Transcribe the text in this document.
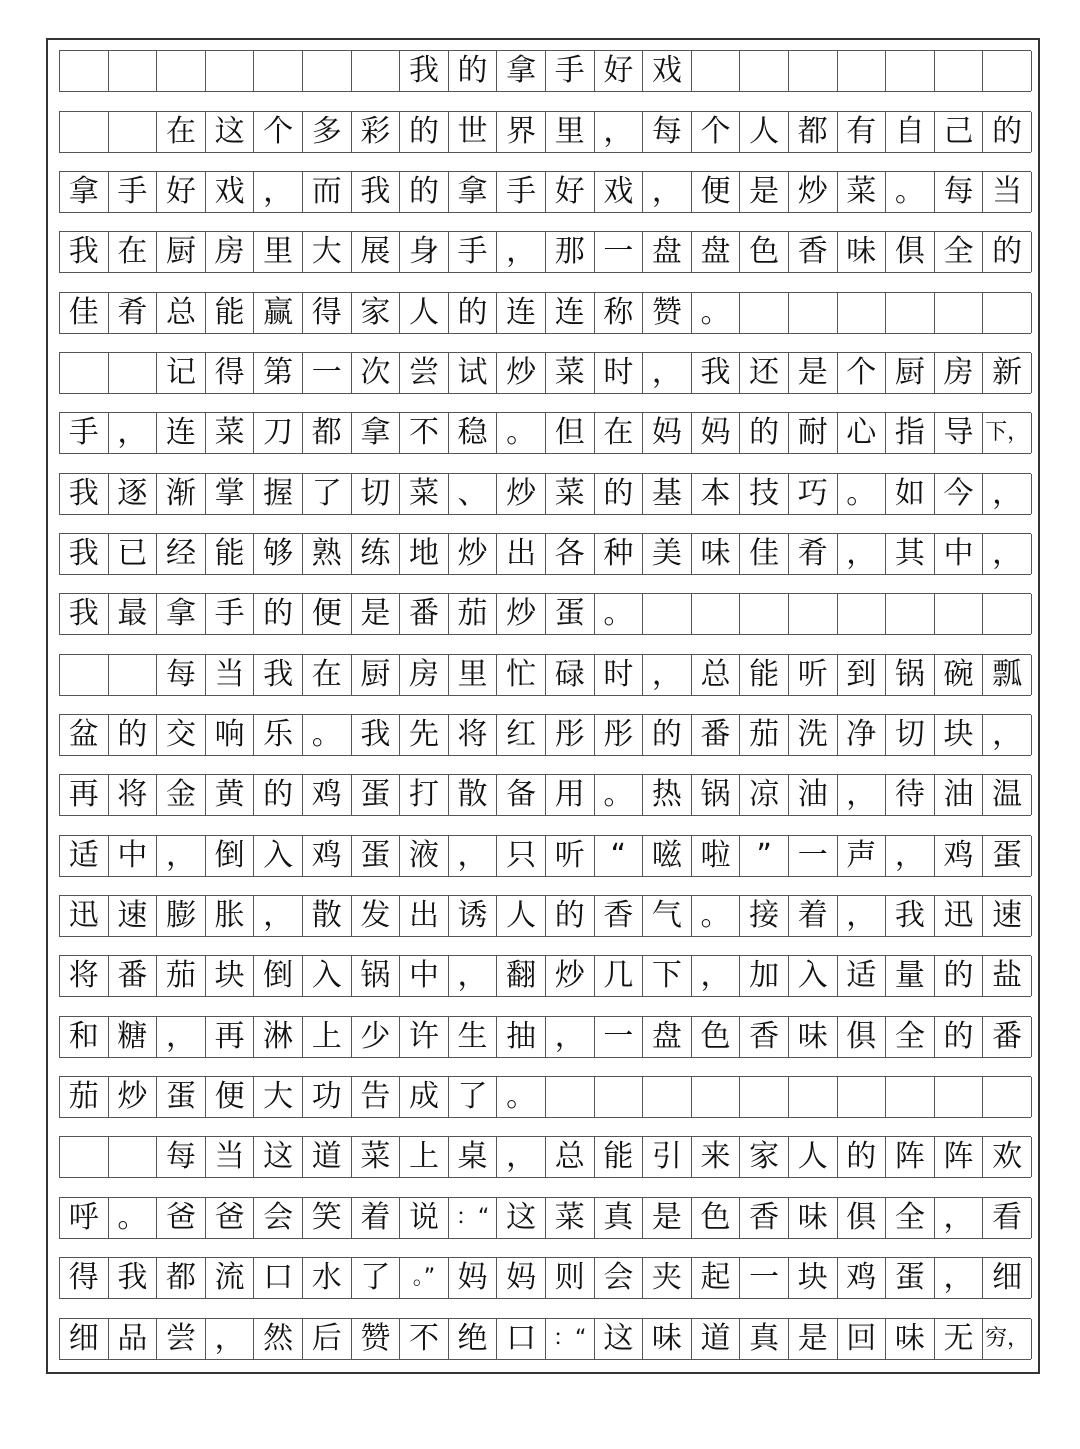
我 的 拿 手 好 戏
在 这 个 多 彩 的 世 界 里 ， 每 个 人 都 有 自 己 的
拿 手 好 戏 ， 而 我 的 拿 手 好 戏 ， 便 是 炒 菜 。 每 当
我 在 厨 房 里 大 展 身 手 ， 那 一 盘 盘 色 香 味 俱 全 的
佳 肴 总 能 赢 得 家 人 的 连 连 称 赞 。
记 得 第 一 次 尝 试 炒 菜 时 ， 我 还 是 个 厨 房 新
手 ， 连 菜 刀 都 拿 不 稳 。 但 在 妈 妈 的 耐 心 指 导 下，
我 逐 渐 掌 握 了 切 菜 、 炒 菜 的 基 本 技 巧 。 如 今 ，
我 已 经 能 够 熟 练 地 炒 出 各 种 美 味 佳 肴 ， 其 中 ，
我 最 拿 手 的 便 是 番 茄 炒 蛋 。
每 当 我 在 厨 房 里 忙 碌 时 ， 总 能 听 到 锅 碗 瓢
盆 的 交 响 乐 。 我 先 将 红 彤 彤 的 番 茄 洗 净 切 块 ，
再 将 金 黄 的 鸡 蛋 打 散 备 用 。 热 锅 凉 油 ， 待 油 温
适 中 ， 倒 入 鸡 蛋 液 ， 只 听 “ 嗞 啦 ” 一 声 ， 鸡 蛋
迅 速 膨 胀 ， 散 发 出 诱 人 的 香 气 。 接 着 ， 我 迅 速
将 番 茄 块 倒 入 锅 中 ， 翻 炒 几 下 ， 加 入 适 量 的 盐
和 糖 ， 再 淋 上 少 许 生 抽 ， 一 盘 色 香 味 俱 全 的 番
茄 炒 蛋 便 大 功 告 成 了 。
每 当 这 道 菜 上 桌 ， 总 能 引 来 家 人 的 阵 阵 欢
呼 。 爸 爸 会 笑 着 说 ：“ 这 菜 真 是 色 香 味 俱 全 ， 看
得 我 都 流 口 水 了	。” 妈 妈 则 会 夹 起 一 块 鸡 蛋 ， 细
细 品 尝 ， 然 后 赞 不 绝 口 ：“ 这 味 道 真 是 回 味 无 穷，
